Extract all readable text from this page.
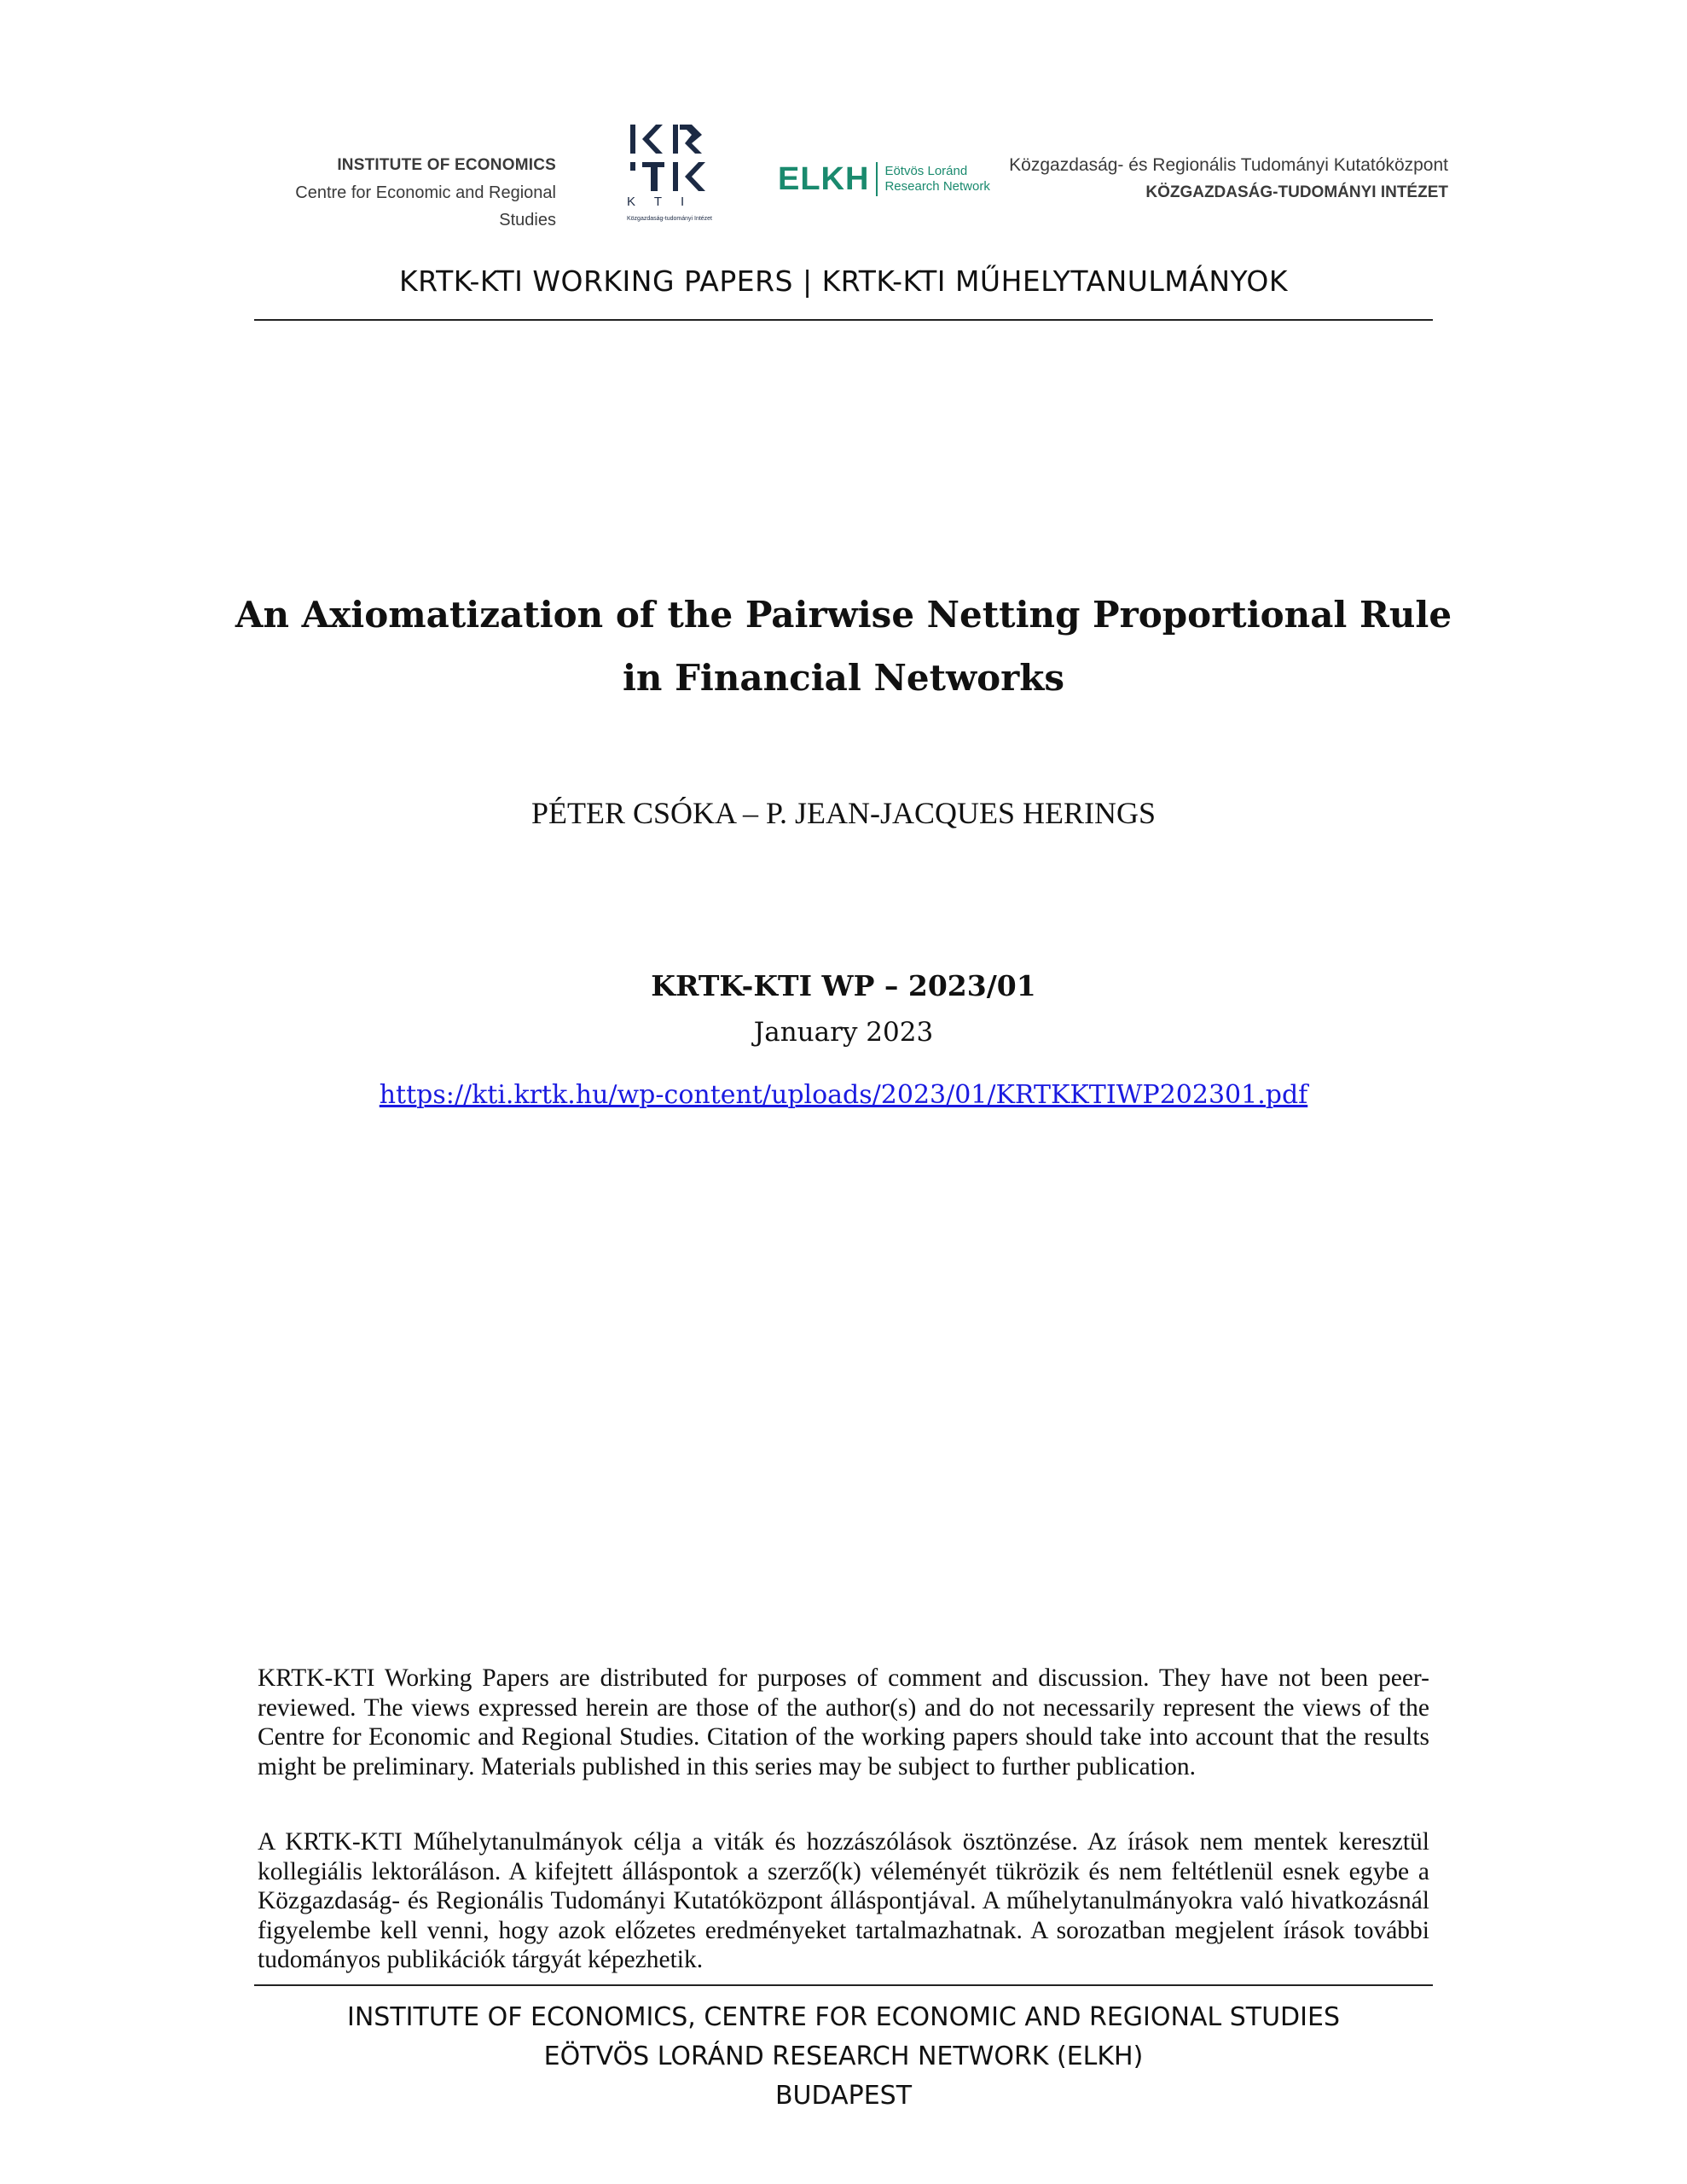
INSTITUTE OF ECONOMICS
Centre for Economic and Regional Studies
K T I
Közgazdaság-tudományi Intézet
ELKH Eötvös Loránd
Research Network
Közgazdaság- és Regionális Tudományi Kutatóközpont
KÖZGAZDASÁG-TUDOMÁNYI INTÉZET
KRTK-KTI WORKING PAPERS | KRTK-KTI MŰHELYTANULMÁNYOK
An Axiomatization of the Pairwise Netting Proportional Rule
in Financial Networks
PÉTER CSÓKA – P. JEAN-JACQUES HERINGS
KRTK-KTI WP – 2023/01
January 2023
https://kti.krtk.hu/wp-content/uploads/2023/01/KRTKKTIWP202301.pdf

KRTK-KTI Working Papers are distributed for purposes of comment and discussion. They have not been peer-reviewed. The views expressed herein are those of the author(s) and do not necessarily represent the views of the Centre for Economic and Regional Studies. Citation of the working papers should take into account that the results might be preliminary. Materials published in this series may be subject to further publication.

A KRTK-KTI Műhelytanulmányok célja a viták és hozzászólások ösztönzése. Az írások nem mentek keresztül kollegiális lektoráláson. A kifejtett álláspontok a szerző(k) véleményét tükrözik és nem feltétlenül esnek egybe a Közgazdaság- és Regionális Tudományi Kutatóközpont álláspontjával. A műhelytanulmányokra való hivatkozásnál figyelembe kell venni, hogy azok előzetes eredményeket tartalmazhatnak. A sorozatban megjelent írások további tudományos publikációk tárgyát képezhetik.

INSTITUTE OF ECONOMICS, CENTRE FOR ECONOMIC AND REGIONAL STUDIES
EÖTVÖS LORÁND RESEARCH NETWORK (ELKH)
BUDAPEST
